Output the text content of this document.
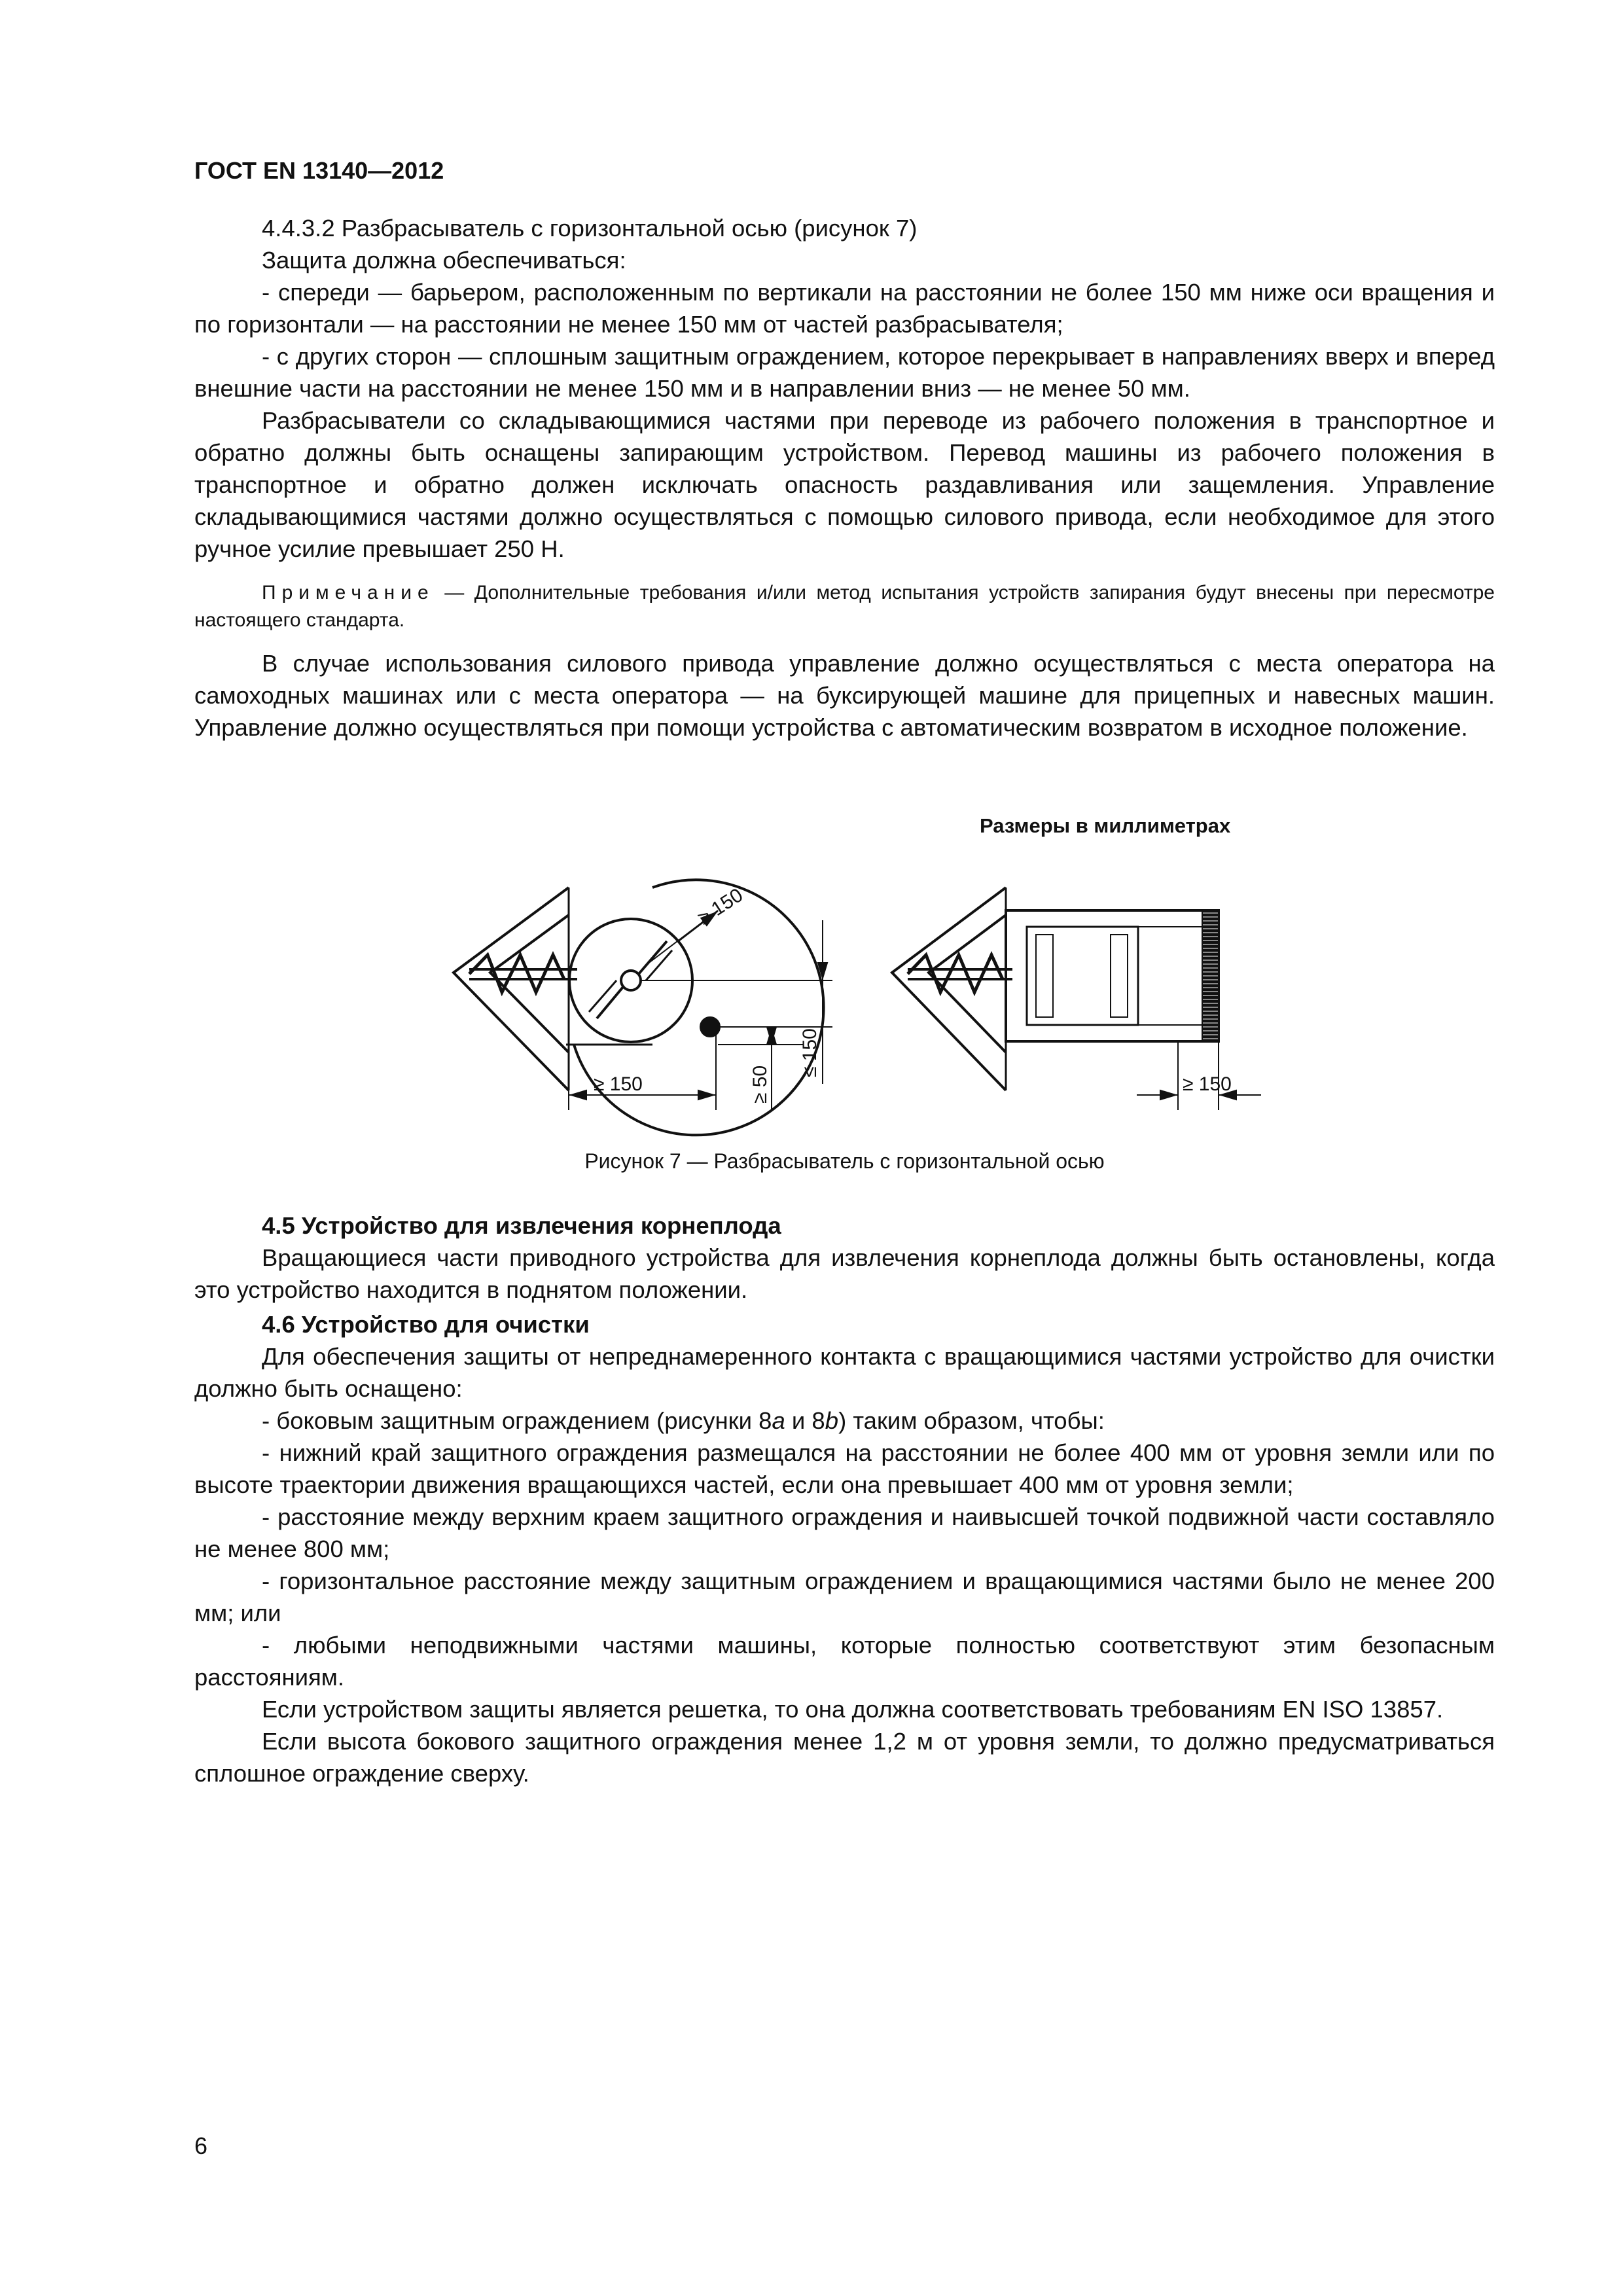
ГОСТ EN 13140—2012

4.4.3.2 Разбрасыватель с горизонтальной осью (рисунок 7)

Защита должна обеспечиваться:

- спереди — барьером, расположенным по вертикали на расстоянии не более 150 мм ниже оси вращения и по горизонтали — на расстоянии не менее 150 мм от частей разбрасывателя;

- с других сторон — сплошным защитным ограждением, которое перекрывает в направлениях вверх и вперед внешние части на расстоянии не менее 150 мм и в направлении вниз — не менее 50 мм.

Разбрасыватели со складывающимися частями при переводе из рабочего положения в транспортное и обратно должны быть оснащены запирающим устройством. Перевод машины из рабочего положения в транспортное и обратно должен исключать опасность раздавливания или защемления. Управление складывающимися частями должно осуществляться с помощью силового привода, если необходимое для этого ручное усилие превышает 250 Н.

Примечание — Дополнительные требования и/или метод испытания устройств запирания будут внесены при пересмотре настоящего стандарта.

В случае использования силового привода управление должно осуществляться с места оператора на самоходных машинах или с места оператора — на буксирующей машине для прицепных и навесных машин. Управление должно осуществляться при помощи устройства с автоматическим возвратом в исходное положение.

Размеры в миллиметрах
≥ 150
≥ 150	≥ 50
≤ 150
≥ 150
Рисунок 7 — Разбрасыватель с горизонтальной осью
4.5 Устройство для извлечения корнеплода

Вращающиеся части приводного устройства для извлечения корнеплода должны быть остановлены, когда это устройство находится в поднятом положении.

4.6 Устройство для очистки

Для обеспечения защиты от непреднамеренного контакта с вращающимися частями устройство для очистки должно быть оснащено:

- боковым защитным ограждением (рисунки 8a и 8b) таким образом, чтобы:

- нижний край защитного ограждения размещался на расстоянии не более 400 мм от уровня земли или по высоте траектории движения вращающихся частей, если она превышает 400 мм от уровня земли;

- расстояние между верхним краем защитного ограждения и наивысшей точкой подвижной части составляло не менее 800 мм;

- горизонтальное расстояние между защитным ограждением и вращающимися частями было не менее 200 мм; или

- любыми неподвижными частями машины, которые полностью соответствуют этим безопасным расстояниям.

Если устройством защиты является решетка, то она должна соответствовать требованиям EN ISO 13857.

Если высота бокового защитного ограждения менее 1,2 м от уровня земли, то должно предусматриваться сплошное ограждение сверху.

6
